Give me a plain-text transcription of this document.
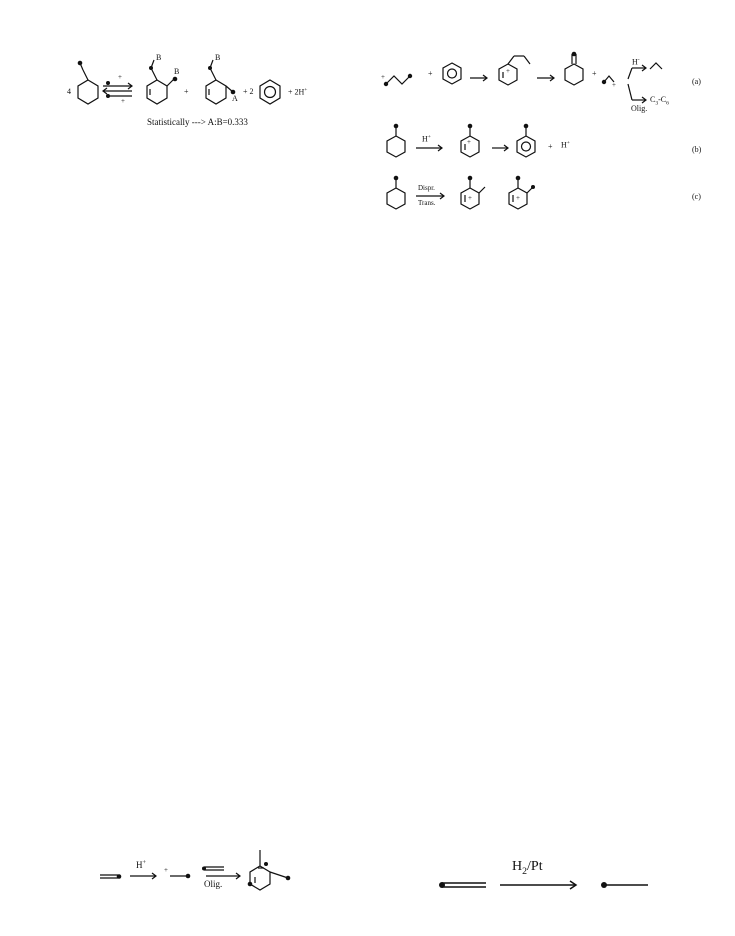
4
+
+
B
B
+
B
A
+ 2	+ 2H+
Statistically ---> A:B=0.333
+	+	+	+
+
H-
$C_3-C_6$
Olig.
(a)
H+
+	+ H+
(b)
Dispr.
Trans.
+	+	(c)
H+
+
Olig.
$H_2/Pt$
